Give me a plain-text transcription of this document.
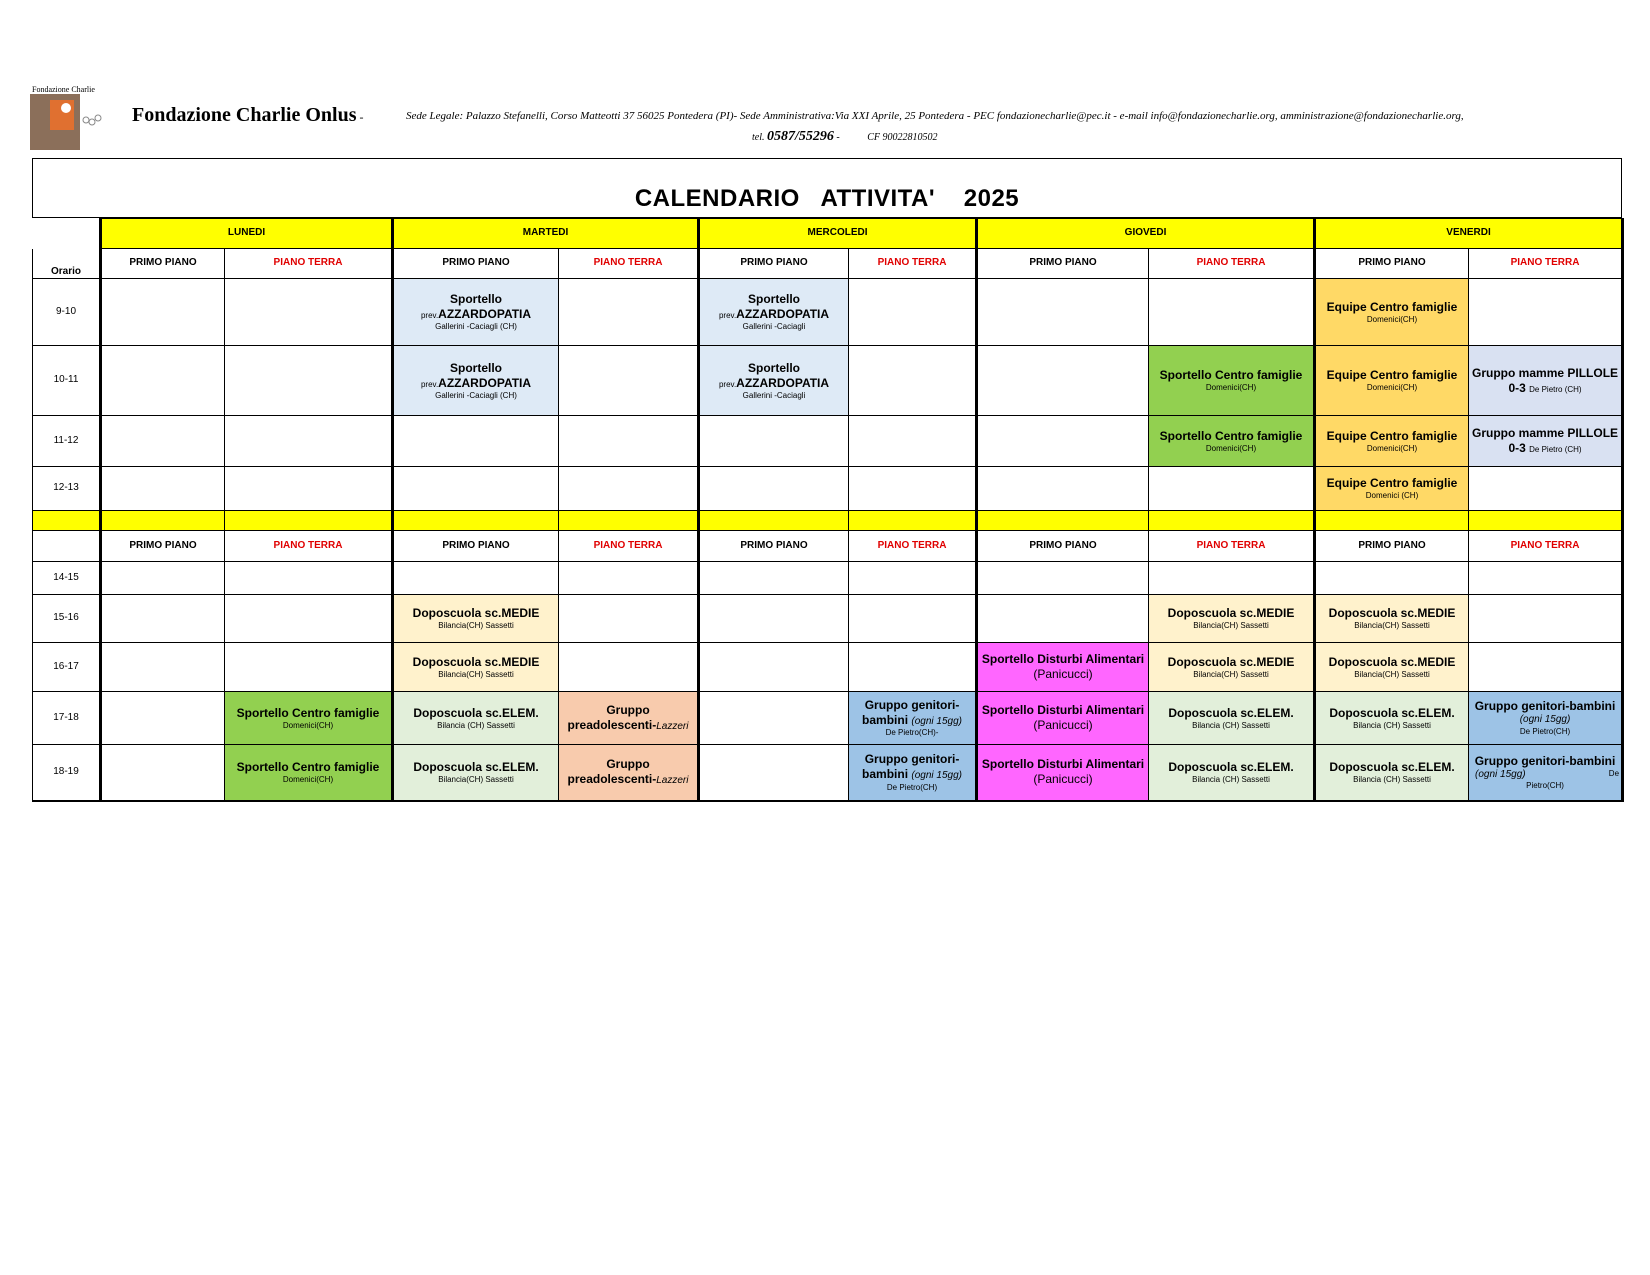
Fondazione Charlie
Fondazione Charlie Onlus -	Sede Legale: Palazzo Stefanelli, Corso Matteotti 37 56025 Pontedera (PI)- Sede Amministrativa:Via XXI Aprile, 25 Pontedera - PEC fondazionecharlie@pec.it - e-mail info@fondazionecharlie.org, amministrazione@fondazionecharlie.org,
tel. 0587/55296 -	CF 90022810502
CALENDARIO   ATTIVITA'    2025
	LUNEDI		MARTEDI		MERCOLEDI		GIOVEDI		VENERDI	
Orario	PRIMO PIANO	PIANO TERRA	PRIMO PIANO	PIANO TERRA	PRIMO PIANO	PIANO TERRA	PRIMO PIANO	PIANO TERRA	PRIMO PIANO	PIANO TERRA
9-10			Sportello
prev.AZZARDOPATIA
Gallerini -Caciagli (CH)		Sportello
prev.AZZARDOPATIA
Gallerini -Caciagli				Equipe Centro famiglie
Domenici(CH)	

10-11			Sportello
prev.AZZARDOPATIA
Gallerini -Caciagli (CH)		Sportello
prev.AZZARDOPATIA
Gallerini -Caciagli			Sportello Centro famiglie
Domenici(CH)	Equipe Centro famiglie
Domenici(CH)	Gruppo mamme PILLOLE
0-3 De Pietro (CH)

11-12								Sportello Centro famiglie
Domenici(CH)	Equipe Centro famiglie
Domenici(CH)	Gruppo mamme PILLOLE
0-3 De Pietro (CH)

12-13									Equipe Centro famiglie
Domenici (CH)	

	PRIMO PIANO	PIANO TERRA	PRIMO PIANO	PIANO TERRA	PRIMO PIANO	PIANO TERRA	PRIMO PIANO	PIANO TERRA	PRIMO PIANO	PIANO TERRA
14-15										
15-16			Doposcuola sc.MEDIE
Bilancia(CH) Sassetti					Doposcuola sc.MEDIE
Bilancia(CH) Sassetti	Doposcuola sc.MEDIE
Bilancia(CH) Sassetti	

16-17			Doposcuola sc.MEDIE
Bilancia(CH) Sassetti				Sportello Disturbi Alimentari
(Panicucci)	Doposcuola sc.MEDIE
Bilancia(CH) Sassetti	Doposcuola sc.MEDIE
Bilancia(CH) Sassetti	

17-18		Sportello Centro famiglie
Domenici(CH)	Doposcuola sc.ELEM.
Bilancia (CH) Sassetti	Gruppo
preadolescenti-Lazzeri		Gruppo genitori-
bambini (ogni 15gg)
De Pietro(CH)-	Sportello Disturbi Alimentari
(Panicucci)	Doposcuola sc.ELEM.
Bilancia (CH) Sassetti	Doposcuola sc.ELEM.
Bilancia (CH) Sassetti	Gruppo genitori-bambini
(ogni 15gg)
De Pietro(CH)

18-19		Sportello Centro famiglie
Domenici(CH)	Doposcuola sc.ELEM.
Bilancia(CH) Sassetti	Gruppo
preadolescenti-Lazzeri		Gruppo genitori-
bambini (ogni 15gg)
De Pietro(CH)	Sportello Disturbi Alimentari
(Panicucci)	Doposcuola sc.ELEM.
Bilancia (CH) Sassetti	Doposcuola sc.ELEM.
Bilancia (CH) Sassetti	Gruppo genitori-bambini
(ogni 15gg) De
Pietro(CH)
